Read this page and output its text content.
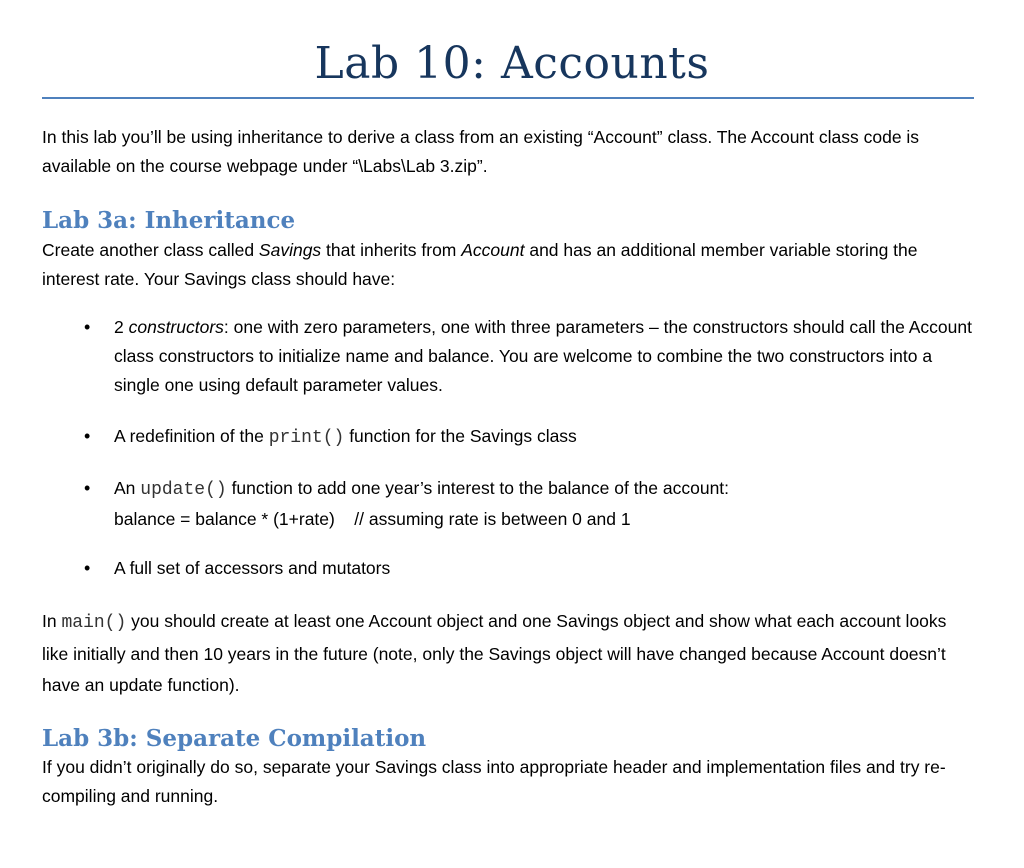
Lab 10: Accounts
In this lab you’ll be using inheritance to derive a class from an existing “Account” class. The Account class code is available on the course webpage under “\Labs\Lab 3.zip”.
Lab 3a: Inheritance
Create another class called Savings that inherits from Account and has an additional member variable storing the interest rate. Your Savings class should have:
•	2 constructors: one with zero parameters, one with three parameters – the constructors should call the Account class constructors to initialize name and balance. You are welcome to combine the two constructors into a single one using default parameter values.
•	A redefinition of the print() function for the Savings class
•	An update() function to add one year’s interest to the balance of the account:
balance = balance * (1+rate)    // assuming rate is between 0 and 1
•	A full set of accessors and mutators
In main() you should create at least one Account object and one Savings object and show what each account looks like initially and then 10 years in the future (note, only the Savings object will have changed because Account doesn’t have an update function).
Lab 3b: Separate Compilation
If you didn’t originally do so, separate your Savings class into appropriate header and implementation files and try re-compiling and running.
